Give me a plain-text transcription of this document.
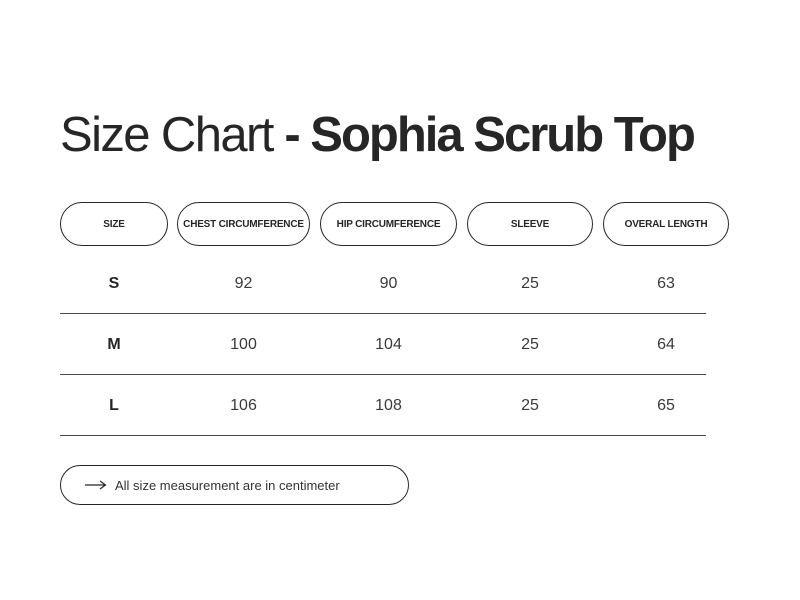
Size Chart - Sophia Scrub Top
SIZE	CHEST CIRCUMFERENCE	HIP CIRCUMFERENCE	SLEEVE	OVERAL LENGTH
S	92	90	25	63
M	100	104	25	64
L	106	108	25	65
All size measurement are in centimeter
